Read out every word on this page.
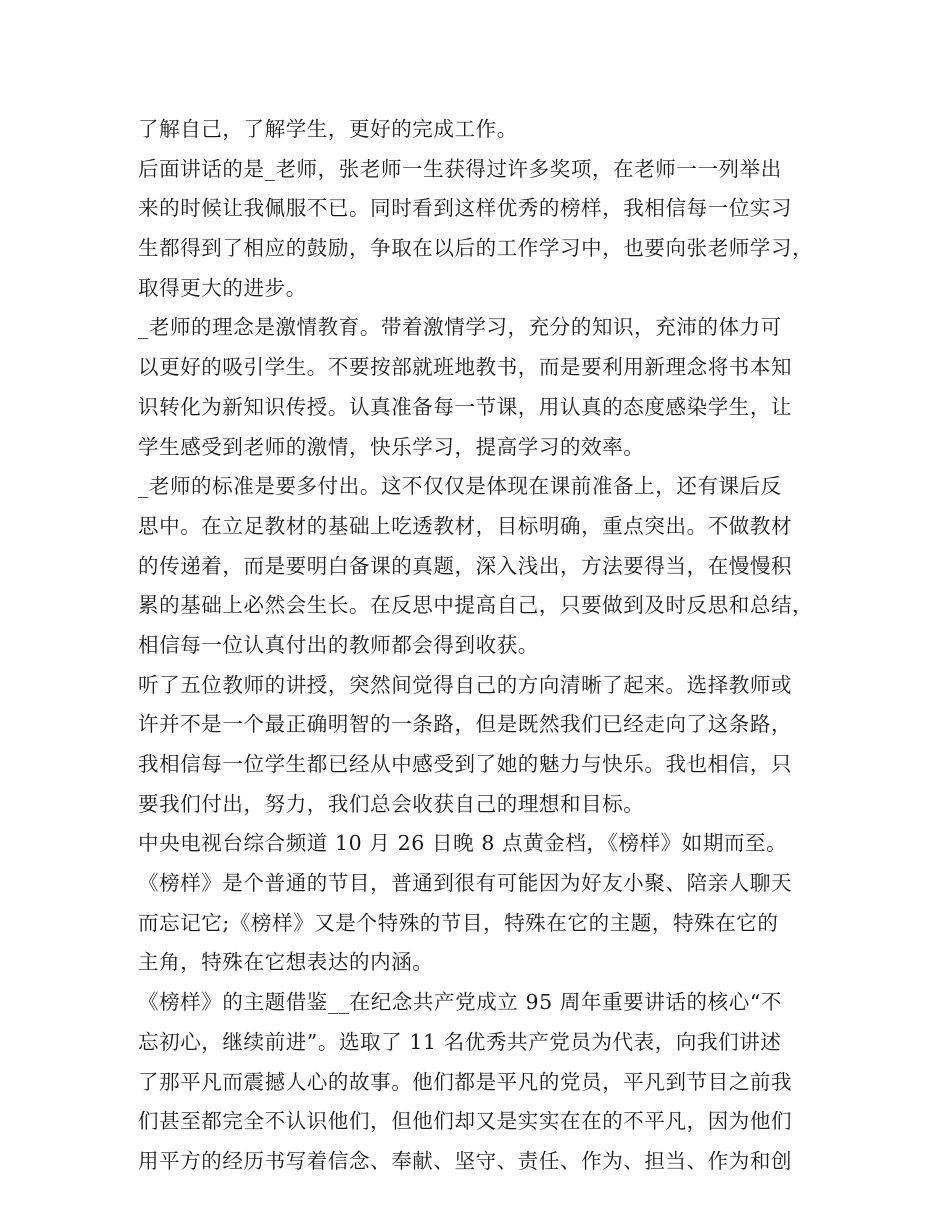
了解自己，了解学生，更好的完成工作。
后面讲话的是_老师，张老师一生获得过许多奖项，在老师一一列举出
来的时候让我佩服不已。同时看到这样优秀的榜样，我相信每一位实习
生都得到了相应的鼓励，争取在以后的工作学习中，也要向张老师学习，
取得更大的进步。
_老师的理念是激情教育。带着激情学习，充分的知识，充沛的体力可
以更好的吸引学生。不要按部就班地教书，而是要利用新理念将书本知
识转化为新知识传授。认真准备每一节课，用认真的态度感染学生，让
学生感受到老师的激情，快乐学习，提高学习的效率。
_老师的标准是要多付出。这不仅仅是体现在课前准备上，还有课后反
思中。在立足教材的基础上吃透教材，目标明确，重点突出。不做教材
的传递着，而是要明白备课的真题，深入浅出，方法要得当，在慢慢积
累的基础上必然会生长。在反思中提高自己，只要做到及时反思和总结，
相信每一位认真付出的教师都会得到收获。
听了五位教师的讲授，突然间觉得自己的方向清晰了起来。选择教师或
许并不是一个最正确明智的一条路，但是既然我们已经走向了这条路，
我相信每一位学生都已经从中感受到了她的魅力与快乐。我也相信，只
要我们付出，努力，我们总会收获自己的理想和目标。
中央电视台综合频道 10 月 26 日晚 8 点黄金档，《榜样》如期而至。
《榜样》是个普通的节目，普通到很有可能因为好友小聚、陪亲人聊天
而忘记它;《榜样》又是个特殊的节目，特殊在它的主题，特殊在它的
主角，特殊在它想表达的内涵。
《榜样》的主题借鉴__在纪念共产党成立 95 周年重要讲话的核心“不
忘初心，继续前进”。选取了 11 名优秀共产党员为代表，向我们讲述
了那平凡而震撼人心的故事。他们都是平凡的党员，平凡到节目之前我
们甚至都完全不认识他们，但他们却又是实实在在的不平凡，因为他们
用平方的经历书写着信念、奉献、坚守、责任、作为、担当、作为和创
